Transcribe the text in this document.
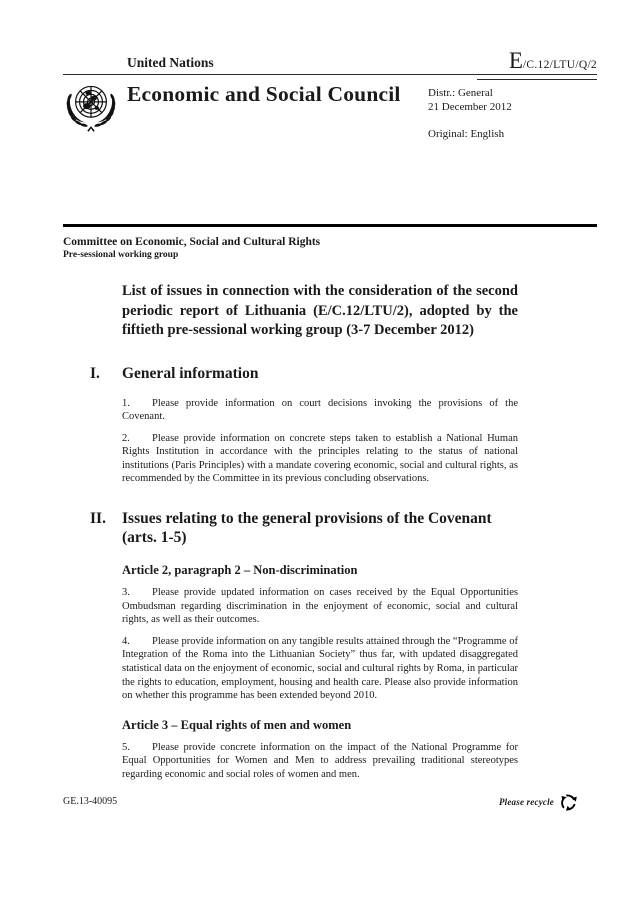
United Nations	E/C.12/LTU/Q/2
Economic and Social Council Distr.: General
21 December 2012
Original: English
Committee on Economic, Social and Cultural Rights
Pre-sessional working group
List of issues in connection with the consideration of the second periodic report of Lithuania (E/C.12/LTU/2), adopted by the fiftieth pre-sessional working group (3-7 December 2012)
I. General information
1. Please provide information on court decisions invoking the provisions of the Covenant.
2. Please provide information on concrete steps taken to establish a National Human Rights Institution in accordance with the principles relating to the status of national institutions (Paris Principles) with a mandate covering economic, social and cultural rights, as recommended by the Committee in its previous concluding observations.
II. Issues relating to the general provisions of the Covenant (arts. 1-5)
Article 2, paragraph 2 – Non-discrimination
3. Please provide updated information on cases received by the Equal Opportunities Ombudsman regarding discrimination in the enjoyment of economic, social and cultural rights, as well as their outcomes.
4. Please provide information on any tangible results attained through the “Programme of Integration of the Roma into the Lithuanian Society” thus far, with updated disaggregated statistical data on the enjoyment of economic, social and cultural rights by Roma, in particular the rights to education, employment, housing and health care. Please also provide information on whether this programme has been extended beyond 2010.
Article 3 – Equal rights of men and women
5. Please provide concrete information on the impact of the National Programme for Equal Opportunities for Women and Men to address prevailing traditional stereotypes regarding economic and social roles of women and men.
GE.13-40095	Please recycle
